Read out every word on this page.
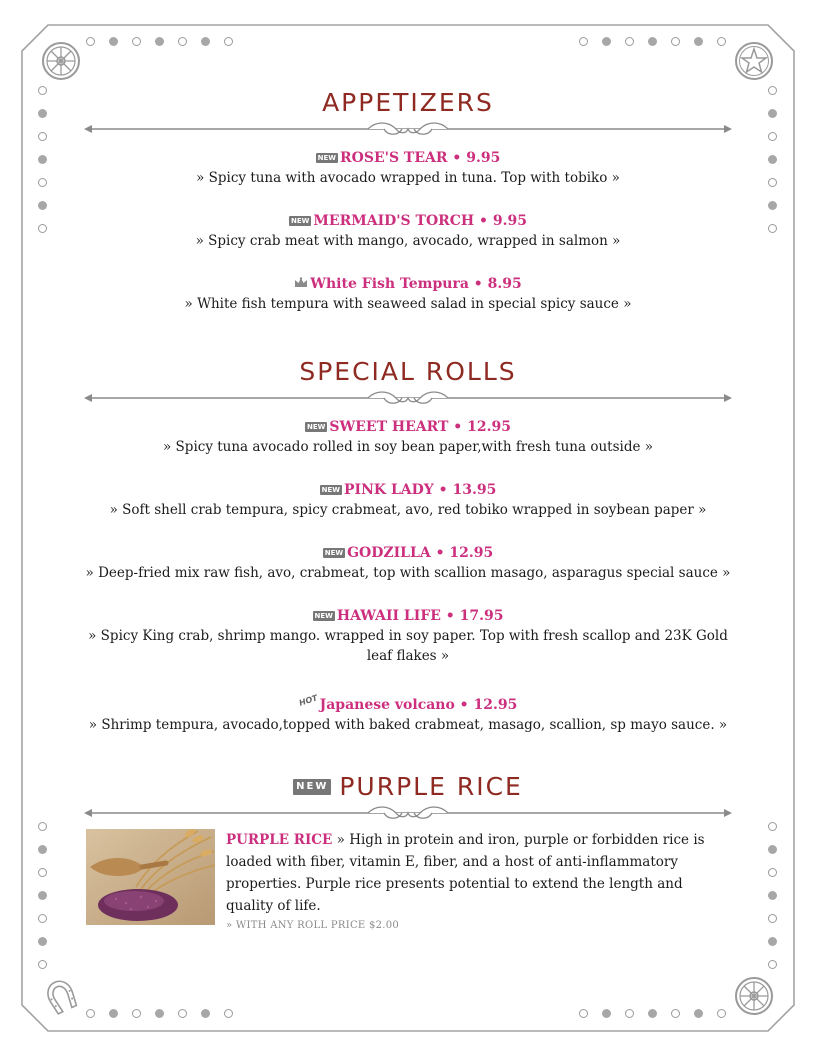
APPETIZERS
NEW ROSE'S TEAR • 9.95
» Spicy tuna with avocado wrapped in tuna. Top with tobiko »
NEW MERMAID'S TORCH • 9.95
» Spicy crab meat with mango, avocado, wrapped in salmon »
White Fish Tempura • 8.95
» White fish tempura with seaweed salad in special spicy sauce »
SPECIAL ROLLS
NEW SWEET HEART • 12.95
» Spicy tuna avocado rolled in soy bean paper,with fresh tuna outside »
NEW PINK LADY • 13.95
» Soft shell crab tempura, spicy crabmeat, avo, red tobiko wrapped in soybean paper »
NEW GODZILLA • 12.95
» Deep-fried mix raw fish, avo, crabmeat, top with scallion masago, asparagus special sauce »
NEW HAWAII LIFE • 17.95
» Spicy King crab, shrimp mango. wrapped in soy paper. Top with fresh scallop and 23K Gold leaf flakes »
HOTJapanese volcano • 12.95
» Shrimp tempura, avocado,topped with baked crabmeat, masago, scallion, sp mayo sauce. »
NEW PURPLE RICE
PURPLE RICE » High in protein and iron, purple or forbidden rice is loaded with fiber, vitamin E, fiber, and a host of anti-inflammatory properties. Purple rice presents potential to extend the length and quality of life.
» WITH ANY ROLL PRICE $2.00
